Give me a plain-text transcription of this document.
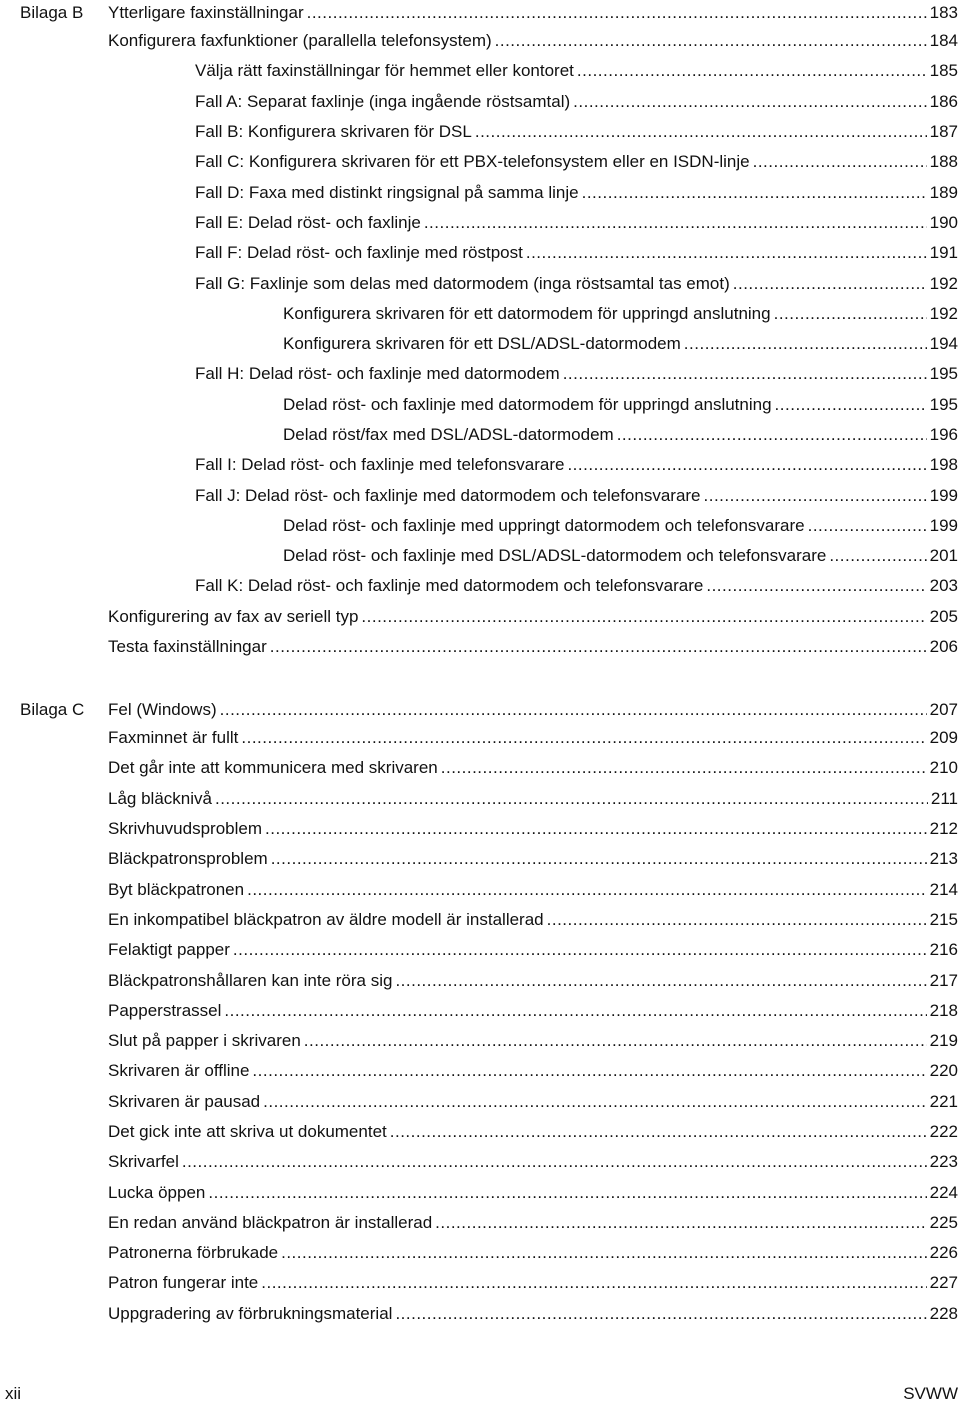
Bilaga B Ytterligare faxinställningar .....	183
Konfigurera faxfunktioner (parallella telefonsystem) .....	184
Välja rätt faxinställningar för hemmet eller kontoret .....	185
Fall A: Separat faxlinje (inga ingående röstsamtal) .....	186
Fall B: Konfigurera skrivaren för DSL .....	187
Fall C: Konfigurera skrivaren för ett PBX-telefonsystem eller en ISDN-linje .....	188
Fall D: Faxa med distinkt ringsignal på samma linje .....	189
Fall E: Delad röst- och faxlinje .....	190
Fall F: Delad röst- och faxlinje med röstpost .....	191
Fall G: Faxlinje som delas med datormodem (inga röstsamtal tas emot) .....	192
Konfigurera skrivaren för ett datormodem för uppringd anslutning .....	192
Konfigurera skrivaren för ett DSL/ADSL-datormodem .....	194
Fall H: Delad röst- och faxlinje med datormodem .....	195
Delad röst- och faxlinje med datormodem för uppringd anslutning .....	195
Delad röst/fax med DSL/ADSL-datormodem .....	196
Fall I: Delad röst- och faxlinje med telefonsvarare .....	198
Fall J: Delad röst- och faxlinje med datormodem och telefonsvarare .....	199
Delad röst- och faxlinje med uppringt datormodem och telefonsvarare .....	199
Delad röst- och faxlinje med DSL/ADSL-datormodem och telefonsvarare .....	201
Fall K: Delad röst- och faxlinje med datormodem och telefonsvarare .....	203
Konfigurering av fax av seriell typ .....	205
Testa faxinställningar .....	206
Bilaga C Fel (Windows) .....	207
Faxminnet är fullt .....	209
Det går inte att kommunicera med skrivaren .....	210
Låg bläcknivå .....	211
Skrivhuvudsproblem .....	212
Bläckpatronsproblem .....	213
Byt bläckpatronen .....	214
En inkompatibel bläckpatron av äldre modell är installerad .....	215
Felaktigt papper .....	216
Bläckpatronshållaren kan inte röra sig .....	217
Papperstrassel .....	218
Slut på papper i skrivaren .....	219
Skrivaren är offline .....	220
Skrivaren är pausad .....	221
Det gick inte att skriva ut dokumentet .....	222
Skrivarfel .....	223
Lucka öppen .....	224
En redan använd bläckpatron är installerad .....	225
Patronerna förbrukade .....	226
Patron fungerar inte .....	227
Uppgradering av förbrukningsmaterial .....	228
xii	SVWW
